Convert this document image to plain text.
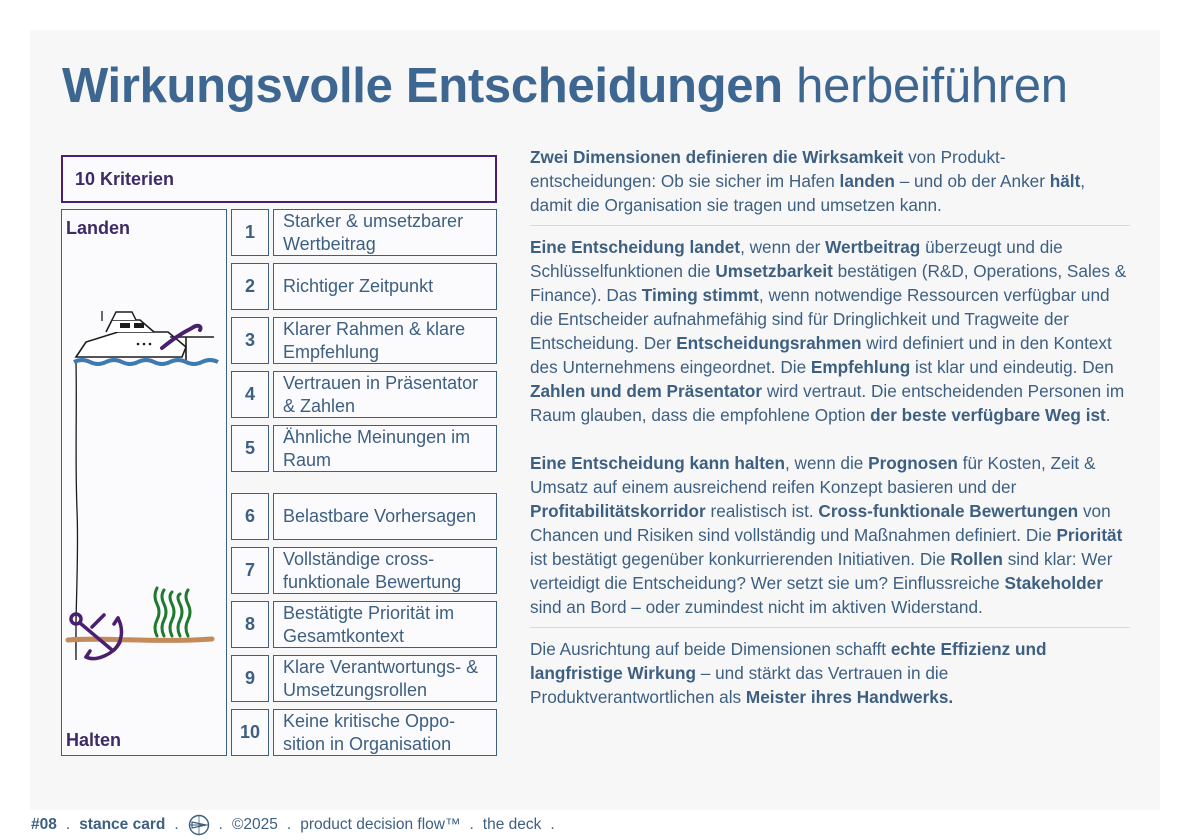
Wirkungsvolle Entscheidungen herbeiführen
10 Kriterien
Landen
Halten
1
Starker & umsetzbarer Wertbeitrag
2	Richtiger Zeitpunkt
3
Klarer Rahmen & klare Empfehlung
4
Vertrauen in Präsentator & Zahlen
5
Ähnliche Meinungen im Raum
6	Belastbare Vorhersagen
7
Vollständige cross-funktionale Bewertung
8
Bestätigte Priorität im Gesamtkontext
9
Klare Verantwortungs- & Umsetzungsrollen
10
Keine kritische Oppo-sition in Organisation

Zwei Dimensionen definieren die Wirksamkeit von Produkt-entscheidungen: Ob sie sicher im Hafen landen – und ob der Anker hält, damit die Organisation sie tragen und umsetzen kann.

Eine Entscheidung landet, wenn der Wertbeitrag überzeugt und die Schlüsselfunktionen die Umsetzbarkeit bestätigen (R&D, Operations, Sales & Finance). Das Timing stimmt, wenn notwendige Ressourcen verfügbar und die Entscheider aufnahmefähig sind für Dringlichkeit und Tragweite der Entscheidung. Der Entscheidungsrahmen wird definiert und in den Kontext des Unternehmens eingeordnet. Die Empfehlung ist klar und eindeutig. Den Zahlen und dem Präsentator wird vertraut. Die entscheidenden Personen im Raum glauben, dass die empfohlene Option der beste verfügbare Weg ist.

Eine Entscheidung kann halten, wenn die Prognosen für Kosten, Zeit & Umsatz auf einem ausreichend reifen Konzept basieren und der Profitabilitätskorridor realistisch ist. Cross-funktionale Bewertungen von Chancen und Risiken sind vollständig und Maßnahmen definiert. Die Priorität ist bestätigt gegenüber konkurrierenden Initiativen. Die Rollen sind klar: Wer verteidigt die Entscheidung? Wer setzt sie um? Einflussreiche Stakeholder sind an Bord – oder zumindest nicht im aktiven Widerstand.

Die Ausrichtung auf beide Dimensionen schafft echte Effizienz und langfristige Wirkung – und stärkt das Vertrauen in die Produktverantwortlichen als Meister ihres Handwerks.

#08 . stance card .	. ©2025 . product decision flow™ . the deck .
